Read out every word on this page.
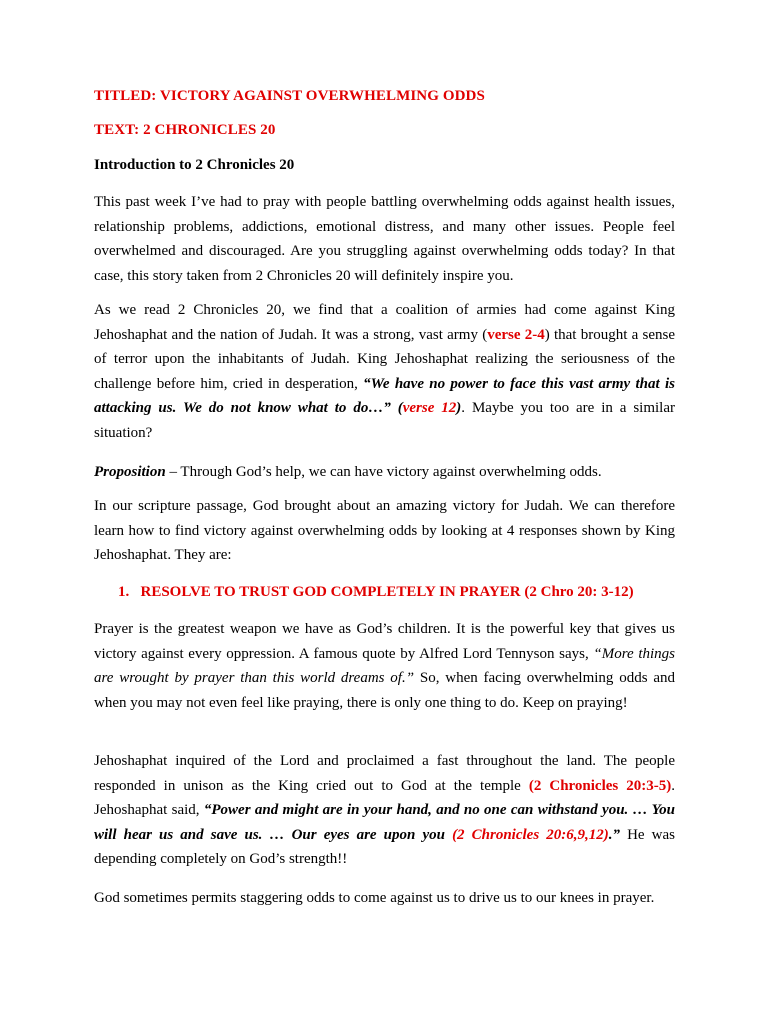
TITLED: VICTORY AGAINST OVERWHELMING ODDS
TEXT: 2 CHRONICLES 20
Introduction to 2 Chronicles 20

This past week I’ve had to pray with people battling overwhelming odds against health issues, relationship problems, addictions, emotional distress, and many other issues. People feel overwhelmed and discouraged. Are you struggling against overwhelming odds today? In that case, this story taken from 2 Chronicles 20 will definitely inspire you.

As we read 2 Chronicles 20, we find that a coalition of armies had come against King Jehoshaphat and the nation of Judah. It was a strong, vast army (verse 2-4) that brought a sense of terror upon the inhabitants of Judah. King Jehoshaphat realizing the seriousness of the challenge before him, cried in desperation, “We have no power to face this vast army that is attacking us. We do not know what to do…” (verse 12). Maybe you too are in a similar situation?

Proposition – Through God’s help, we can have victory against overwhelming odds.

In our scripture passage, God brought about an amazing victory for Judah. We can therefore learn how to find victory against overwhelming odds by looking at 4 responses shown by King Jehoshaphat. They are:

1. RESOLVE TO TRUST GOD COMPLETELY IN PRAYER (2 Chro 20: 3-12)

Prayer is the greatest weapon we have as God’s children. It is the powerful key that gives us victory against every oppression. A famous quote by Alfred Lord Tennyson says, “More things are wrought by prayer than this world dreams of.” So, when facing overwhelming odds and when you may not even feel like praying, there is only one thing to do. Keep on praying!

Jehoshaphat inquired of the Lord and proclaimed a fast throughout the land. The people responded in unison as the King cried out to God at the temple (2 Chronicles 20:3-5). Jehoshaphat said, “Power and might are in your hand, and no one can withstand you. … You will hear us and save us. … Our eyes are upon you (2 Chronicles 20:6,9,12).” He was depending completely on God’s strength!!

God sometimes permits staggering odds to come against us to drive us to our knees in prayer.
